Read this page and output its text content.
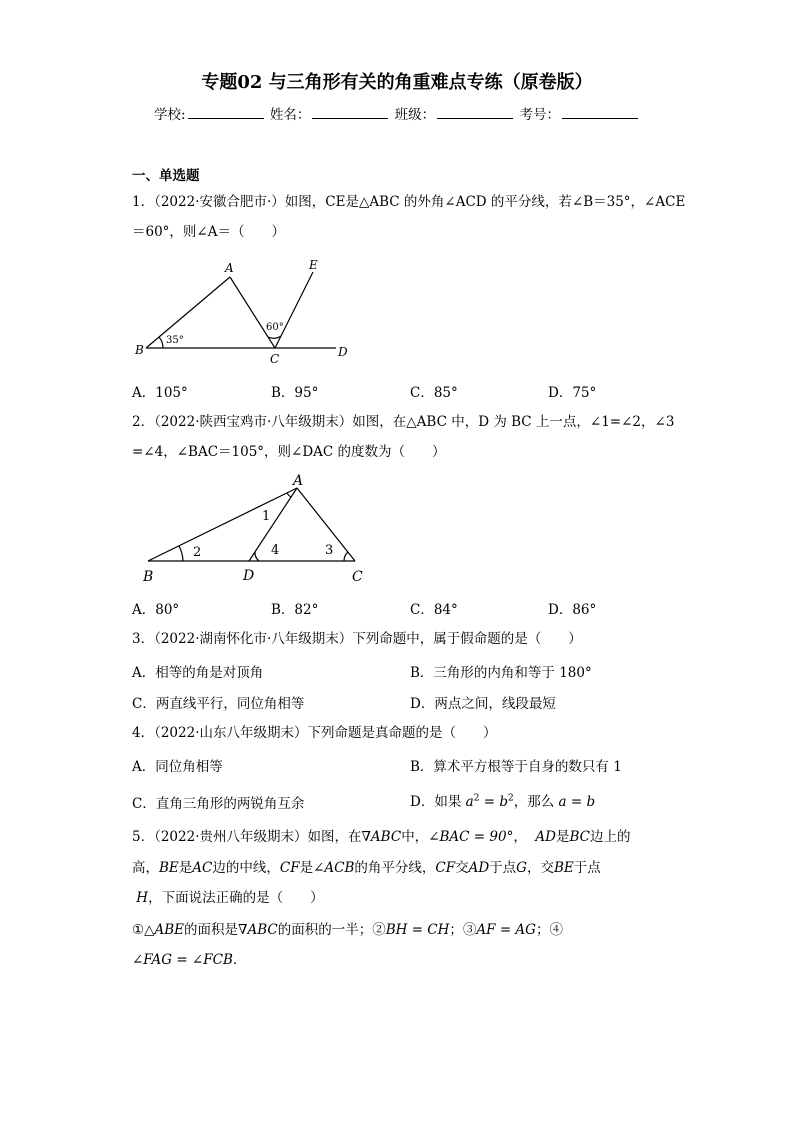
专题02 与三角形有关的角重难点专练（原卷版）
学校:	姓名：	班级：	考号：
一、单选题
1．（2022·安徽合肥市·）如图，CE是△ABC 的外角∠ACD 的平分线，若∠B＝35°，∠ACE
＝60°，则∠A＝（　　）
A
B
C	D
E
35°
60°
A．105°	B．95°	C．85°	D．75°
2．（2022·陕西宝鸡市·八年级期末）如图，在△ABC 中，D 为 BC 上一点，∠1=∠2，∠3
=∠4，∠BAC＝105°，则∠DAC 的度数为（　　）
A
B	D	C
1
2	3
4
A．80°	B．82°	C．84°	D．86°
3．（2022·湖南怀化市·八年级期末）下列命题中，属于假命题的是（　　）
A．相等的角是对顶角	B．三角形的内角和等于 180°
C．两直线平行，同位角相等	D．两点之间，线段最短
4．（2022·山东八年级期末）下列命题是真命题的是（　　）
A．同位角相等	B．算术平方根等于自身的数只有 1
C．直角三角形的两锐角互余	D．如果 $a^2 = b^2$，那么 a = b
5．（2022·贵州八年级期末）如图，在∇ABC中，∠BAC = 90°， AD是BC边上的
高，BE是AC边的中线，CF是∠ACB的角平分线，CF交AD于点G，交BE于点
H，下面说法正确的是（　　）
①△ABE的面积是∇ABC的面积的一半；②BH = CH；③AF = AG；④
∠FAG = ∠FCB．
